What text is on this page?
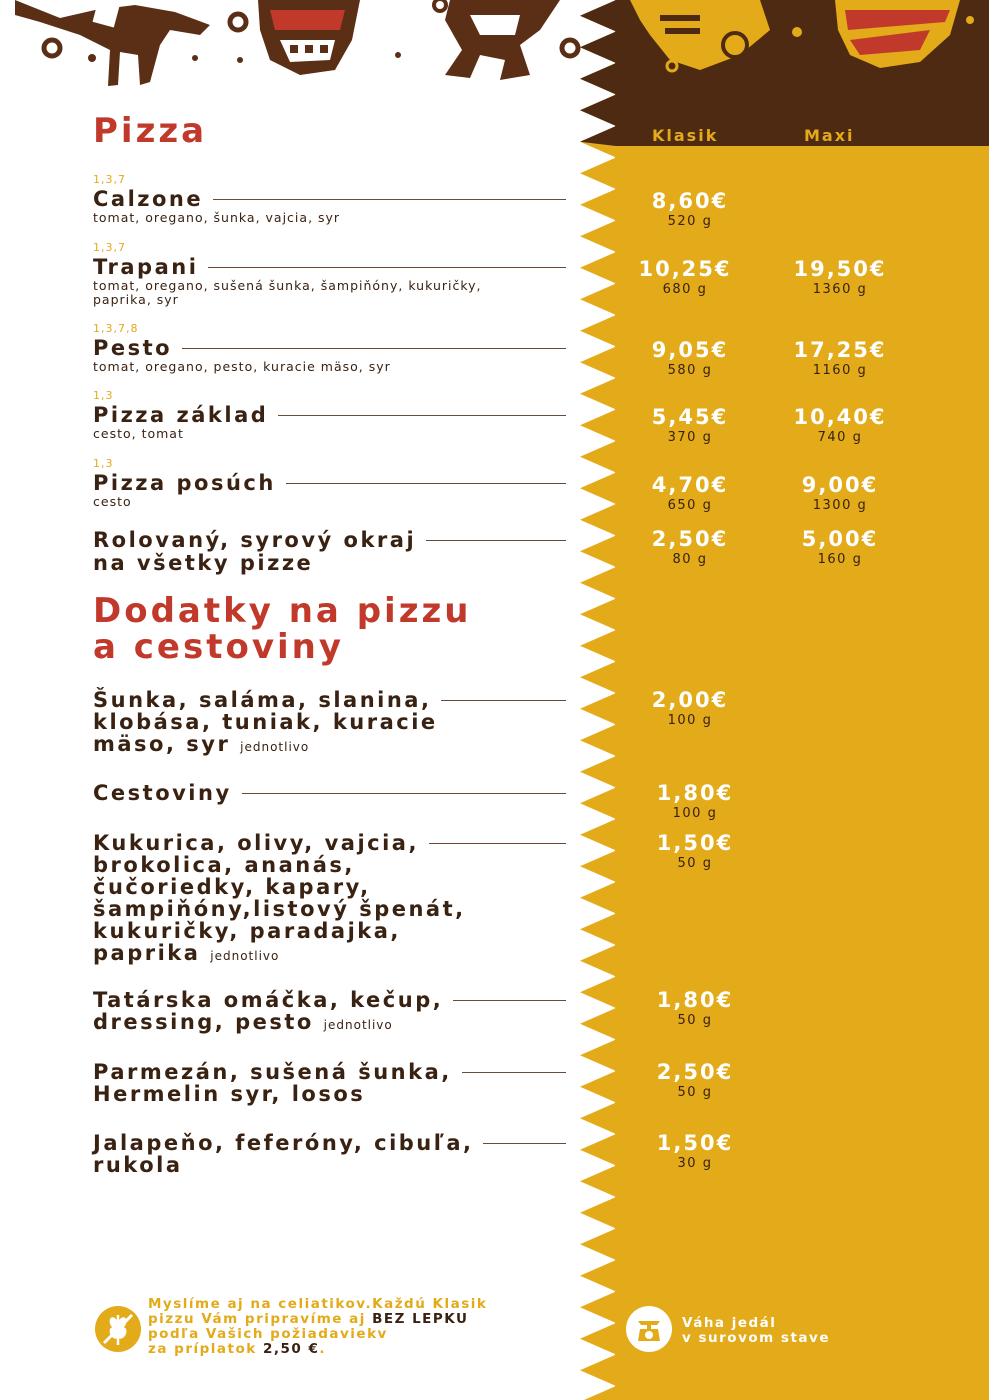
Klasik	Maxi
Pizza
1,3,7
Calzone
tomat, oregano, šunka, vajcia, syr
8,60€
520 g
1,3,7
Trapani
tomat, oregano, sušená šunka, šampiňóny, kukuričky, paprika, syr
10,25€
680 g
19,50€
1360 g
1,3,7,8
Pesto
tomat, oregano, pesto, kuracie mäso, syr
9,05€
580 g
17,25€
1160 g
1,3
Pizza základ
cesto, tomat
5,45€
370 g
10,40€
740 g
1,3
Pizza posúch
cesto
4,70€
650 g
9,00€
1300 g
Rolovaný, syrový okraj
na všetky pizze
2,50€
80 g
5,00€
160 g
Dodatky na pizzu
a cestoviny
Šunka, saláma, slanina,
klobása, tuniak, kuracie
mäso, syr jednotlivo
2,00€
100 g
Cestoviny	1,80€
100 g
Kukurica, olivy, vajcia,
brokolica, ananás,
čučoriedky, kapary,
šampiňóny,listový špenát,
kukuričky, paradajka,
paprika jednotlivo
1,50€
50 g
Tatárska omáčka, kečup,
dressing, pesto jednotlivo
1,80€
50 g
Parmezán, sušená šunka,
Hermelin syr, losos
2,50€
50 g
Jalapeňo, feferóny, cibuľa,
rukola
1,50€
30 g
Myslíme aj na celiatikov.Každú Klasik
pizzu Vám pripravíme aj BEZ LEPKU
podľa Vašich požiadaviekv
za príplatok 2,50 €.
Váha jedál
v surovom stave
